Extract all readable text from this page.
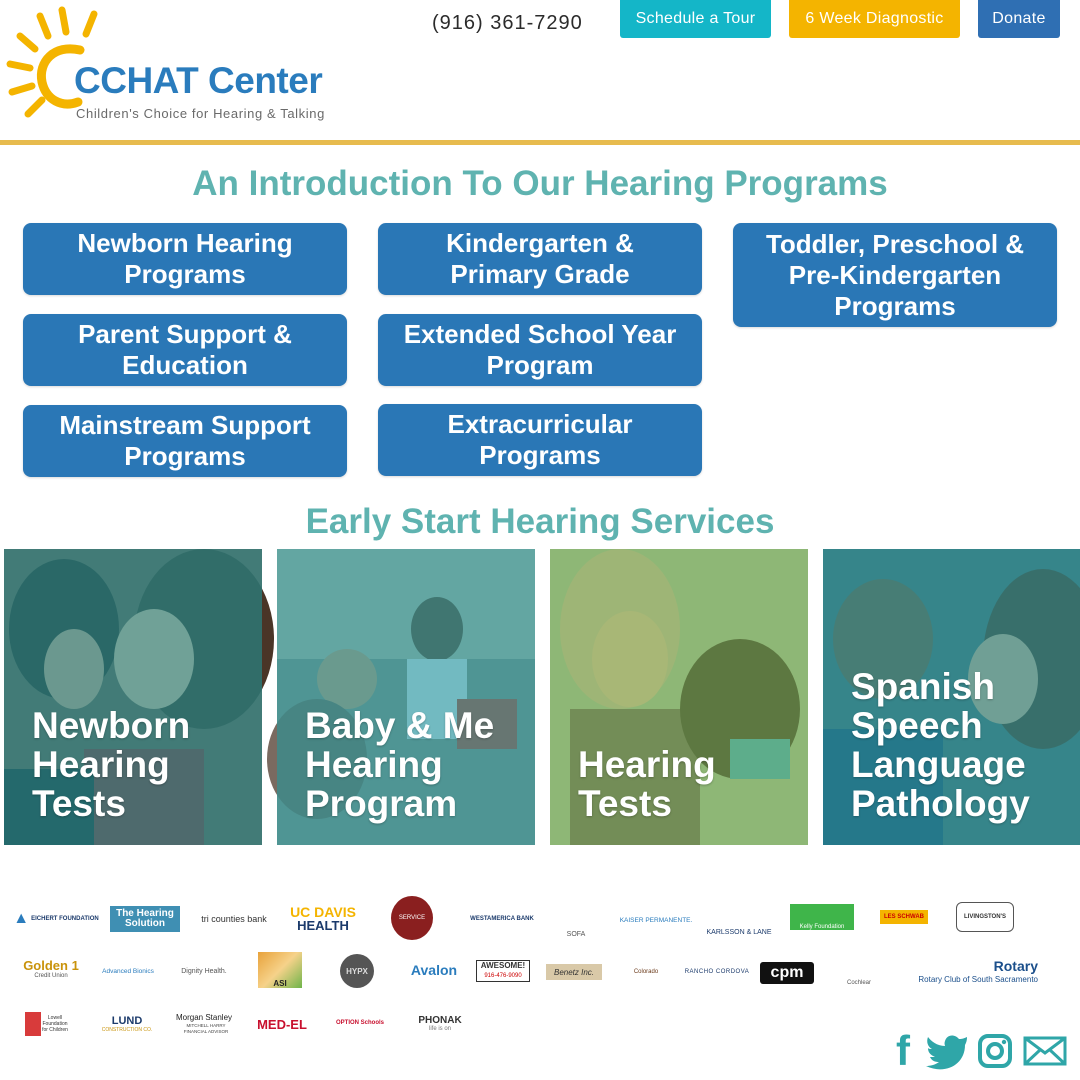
CCHAT Center
Children's Choice for Hearing & Talking
(916) 361-7290	Schedule a Tour	6 Week Diagnostic	Donate
An Introduction To Our Hearing Programs
Newborn Hearing Programs
Parent Support & Education
Mainstream Support Programs
Kindergarten & Primary Grade
Extended School Year Program
Extracurricular Programs
Toddler, Preschool & Pre-Kindergarten Programs
Early Start Hearing Services
Newborn
Hearing
Tests
Baby & Me
Hearing
Program
Hearing
Tests
Spanish
Speech
Language
Pathology
▲ EICHERT FOUNDATION	The Hearing Solution	tri counties bank UC DAVIS
HEALTH	SERVICE	WESTAMERICA BANK
SOFA
KAISER PERMANENTE.
KARLSSON & LANE
Kelly Foundation
LES SCHWAB	LIVINGSTON'S
Golden 1
Credit Union
Advanced Bionics	Dignity Health.
ASI
HYPX	Avalon	AWESOME!
916-476-9090	Benetz Inc.	Colorado	RANCHO CORDOVA	cpm
Cochlear
Rotary
Rotary Club of South Sacramento
Lowell Foundation for Children
LUND
CONSTRUCTION CO.
Morgan Stanley
MITCHELL HARRY FINANCIAL ADVISOR	MED-EL	OPTION Schools	PHONAK
life is on	f
